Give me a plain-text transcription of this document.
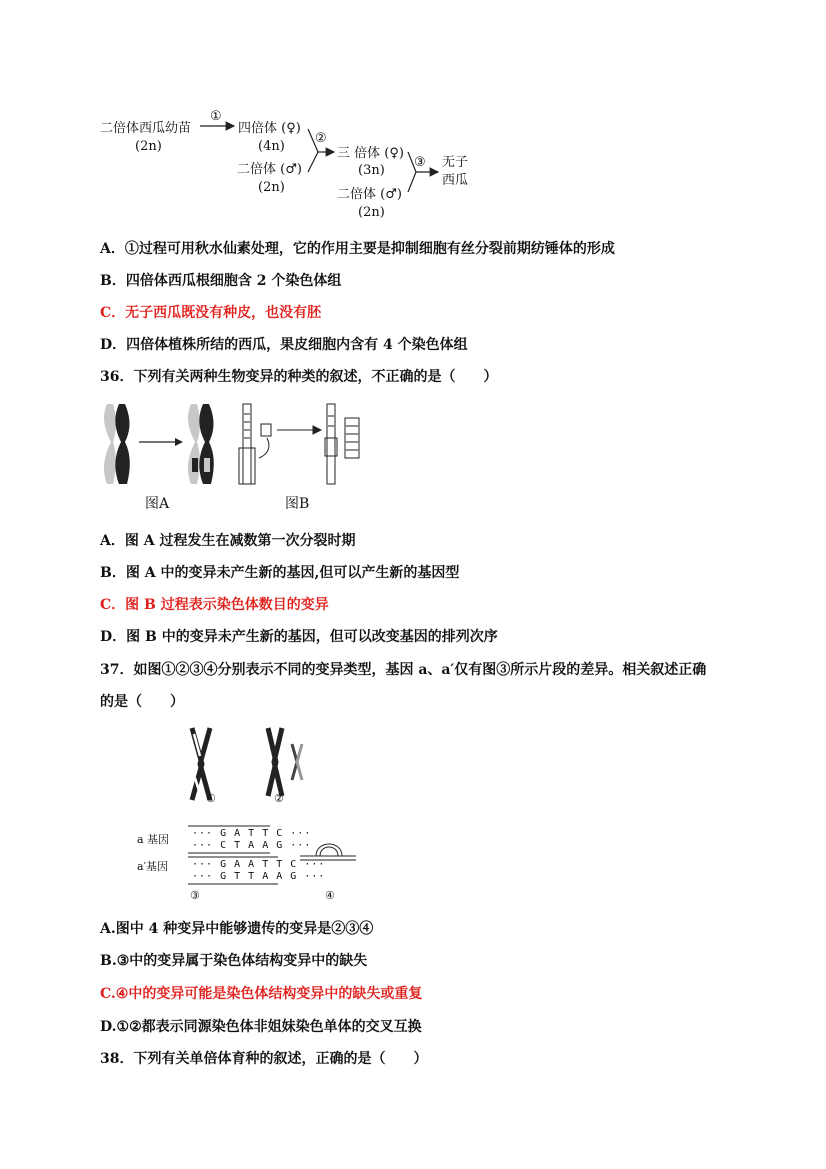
二倍体西瓜幼苗
(2n)
①
四倍体 (♀)
(4n)
二倍体 (♂)
(2n)
②
三 倍体 (♀)
(3n)
二倍体 (♂)
(2n)
③ 无子
西瓜
A．①过程可用秋水仙素处理，它的作用主要是抑制细胞有丝分裂前期纺锤体的形成
B．四倍体西瓜根细胞含 2 个染色体组
C．无子西瓜既没有种皮，也没有胚
D．四倍体植株所结的西瓜，果皮细胞内含有 4 个染色体组
36．下列有关两种生物变异的种类的叙述，不正确的是（　　）
图A	图B
A．图 A 过程发生在减数第一次分裂时期
B．图 A 中的变异未产生新的基因,但可以产生新的基因型
C．图 B 过程表示染色体数目的变异
D．图 B 中的变异未产生新的基因，但可以改变基因的排列次序
37．如图①②③④分别表示不同的变异类型，基因 a、a′仅有图③所示片段的差异。相关叙述正确
的是（　　）
①	②
a 基因
a′基因
··· G A T T C ···
··· C T A A G ···
··· G A A T T C ···
··· G T T A A G ···
③	④
A.图中 4 种变异中能够遗传的变异是②③④
B.③中的变异属于染色体结构变异中的缺失
C.④中的变异可能是染色体结构变异中的缺失或重复
D.①②都表示同源染色体非姐妹染色单体的交叉互换
38．下列有关单倍体育种的叙述，正确的是（　　）
